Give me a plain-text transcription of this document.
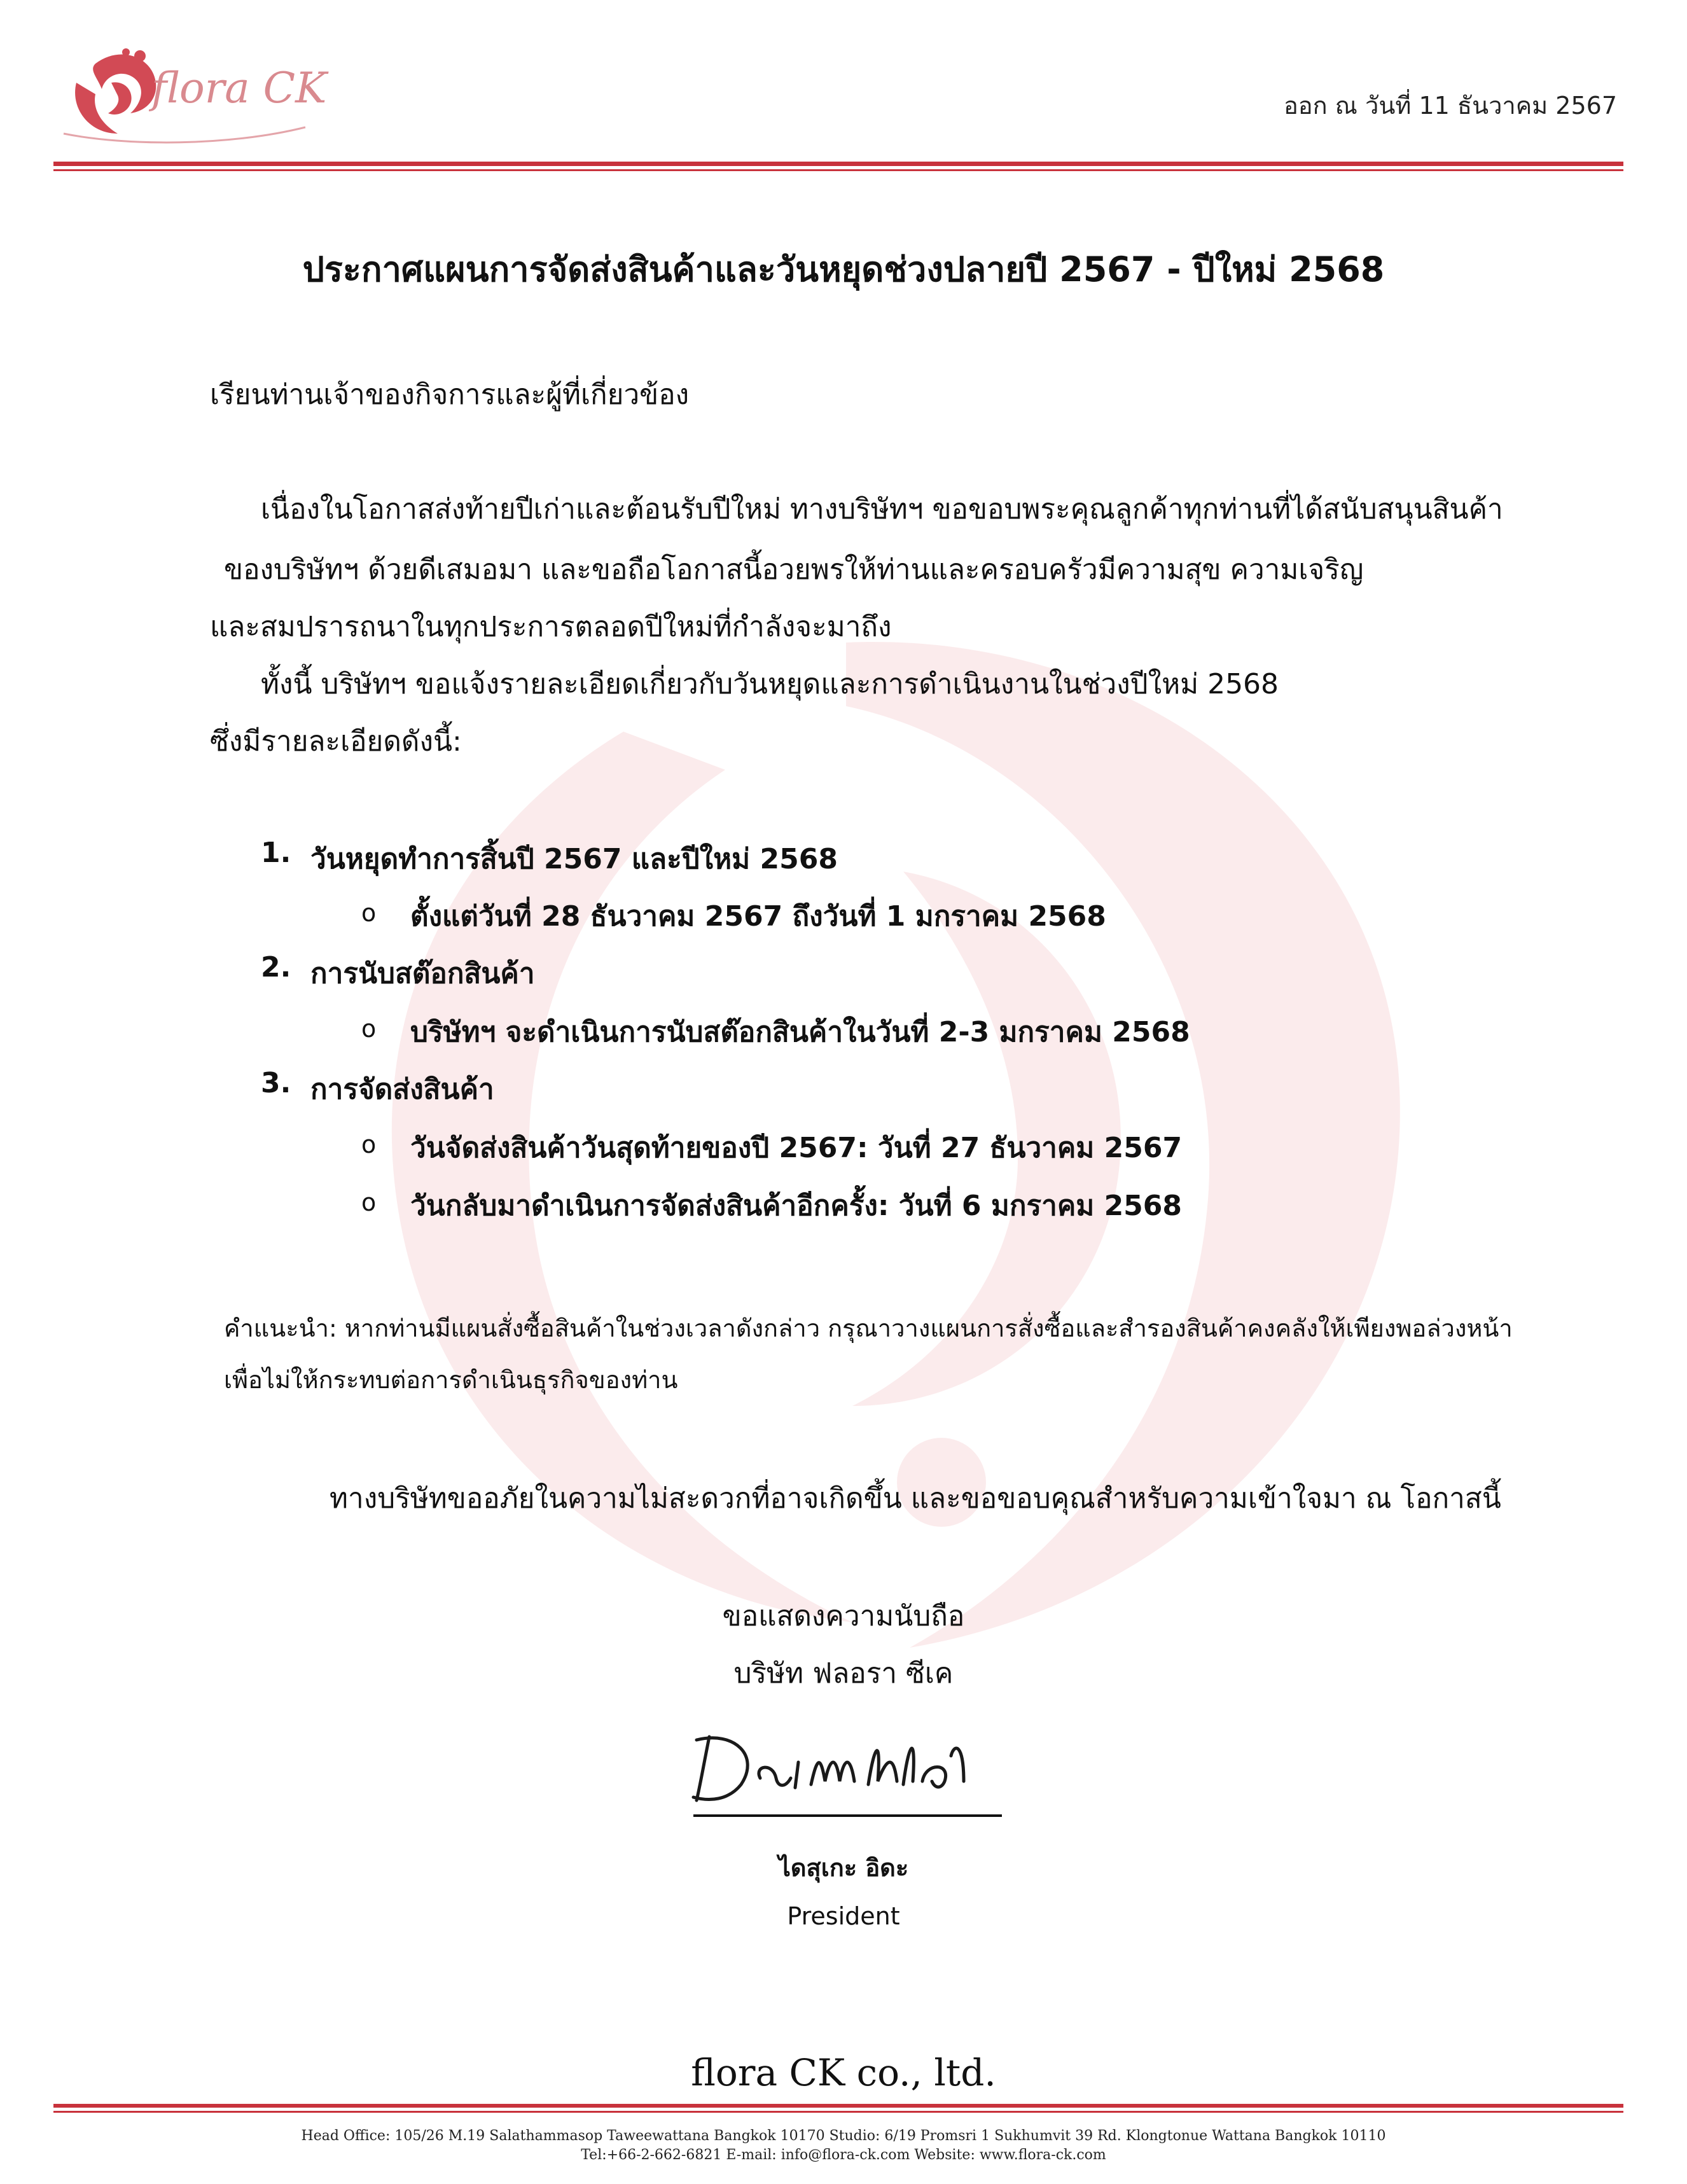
flora CK	ออก ณ วันที่ 11 ธันวาคม 2567
ประกาศแผนการจัดส่งสินค้าและวันหยุดช่วงปลายปี 2567 - ปีใหม่ 2568
เรียนท่านเจ้าของกิจการและผู้ที่เกี่ยวข้อง
เนื่องในโอกาสส่งท้ายปีเก่าและต้อนรับปีใหม่ ทางบริษัทฯ ขอขอบพระคุณลูกค้าทุกท่านที่ได้สนับสนุนสินค้า
ของบริษัทฯ ด้วยดีเสมอมา และขอถือโอกาสนี้อวยพรให้ท่านและครอบครัวมีความสุข ความเจริญ
และสมปรารถนาในทุกประการตลอดปีใหม่ที่กำลังจะมาถึง
ทั้งนี้ บริษัทฯ ขอแจ้งรายละเอียดเกี่ยวกับวันหยุดและการดำเนินงานในช่วงปีใหม่ 2568
ซึ่งมีรายละเอียดดังนี้:
1. วันหยุดทำการสิ้นปี 2567 และปีใหม่ 2568
o ตั้งแต่วันที่ 28 ธันวาคม 2567 ถึงวันที่ 1 มกราคม 2568
2. การนับสต๊อกสินค้า
o บริษัทฯ จะดำเนินการนับสต๊อกสินค้าในวันที่ 2-3 มกราคม 2568
3. การจัดส่งสินค้า
o วันจัดส่งสินค้าวันสุดท้ายของปี 2567: วันที่ 27 ธันวาคม 2567
o วันกลับมาดำเนินการจัดส่งสินค้าอีกครั้ง: วันที่ 6 มกราคม 2568
คำแนะนำ: หากท่านมีแผนสั่งซื้อสินค้าในช่วงเวลาดังกล่าว กรุณาวางแผนการสั่งซื้อและสำรองสินค้าคงคลังให้เพียงพอล่วงหน้า
เพื่อไม่ให้กระทบต่อการดำเนินธุรกิจของท่าน
ทางบริษัทขออภัยในความไม่สะดวกที่อาจเกิดขึ้น และขอขอบคุณสำหรับความเข้าใจมา ณ โอกาสนี้
ขอแสดงความนับถือ
บริษัท ฟลอรา ซีเค
ไดสุเกะ อิดะ
President
flora CK co., ltd.
Head Office: 105/26 M.19 Salathammasop Taweewattana Bangkok 10170 Studio: 6/19 Promsri 1 Sukhumvit 39 Rd. Klongtonue Wattana Bangkok 10110
Tel:+66-2-662-6821 E-mail: info@flora-ck.com Website: www.flora-ck.com
